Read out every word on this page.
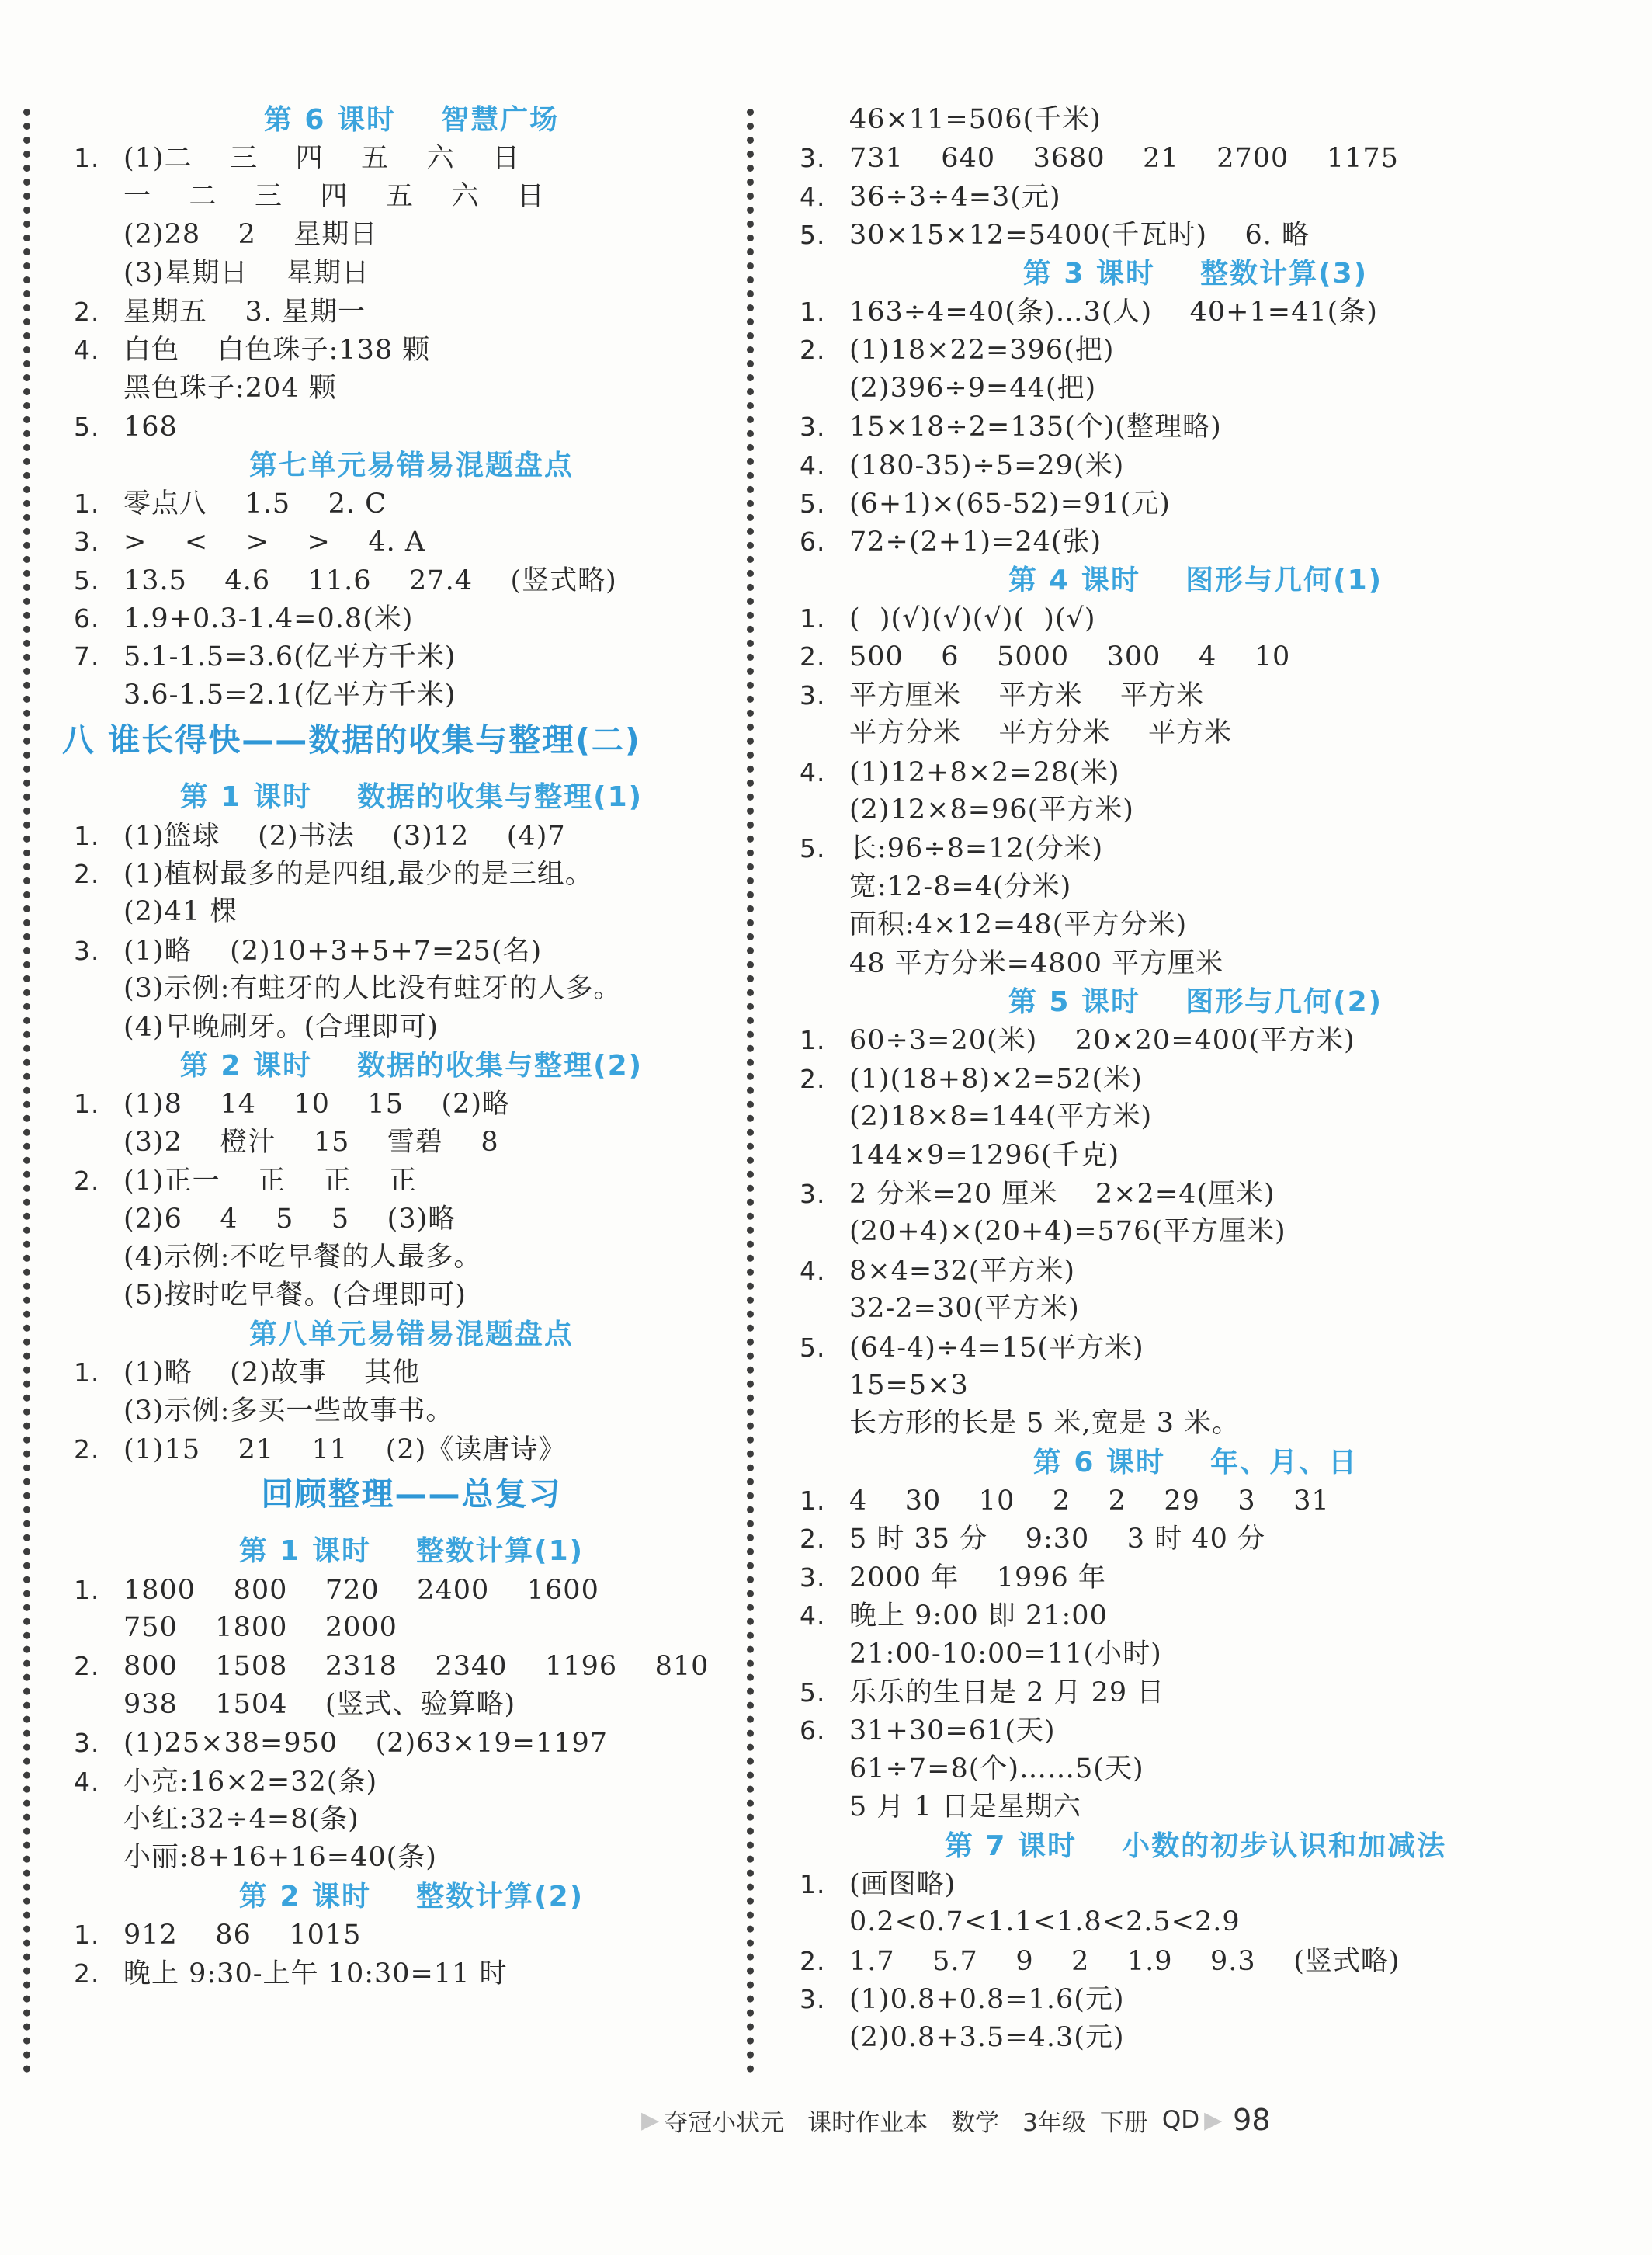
第 6 课时    智慧广场
1. (1)二    三    四    五    六    日
一    二    三    四    五    六    日
(2)28    2    星期日
(3)星期日    星期日
2. 星期五    3. 星期一
4. 白色    白色珠子:138 颗
黑色珠子:204 颗
5. 168
第七单元易错易混题盘点
1. 零点八    1.5    2. C
3. >    <    >    >    4. A
5. 13.5    4.6    11.6    27.4    (竖式略)
6. 1.9+0.3-1.4=0.8(米)
7. 5.1-1.5=3.6(亿平方千米)
3.6-1.5=2.1(亿平方千米)
八 谁长得快——数据的收集与整理(二)
第 1 课时    数据的收集与整理(1)
1. (1)篮球    (2)书法    (3)12    (4)7
2. (1)植树最多的是四组,最少的是三组。
(2)41 棵
3. (1)略    (2)10+3+5+7=25(名)
(3)示例:有蛀牙的人比没有蛀牙的人多。
(4)早晚刷牙。(合理即可)
第 2 课时    数据的收集与整理(2)
1. (1)8    14    10    15    (2)略
(3)2    橙汁    15    雪碧    8
2. (1)正一    正    正    正
(2)6    4    5    5    (3)略
(4)示例:不吃早餐的人最多。
(5)按时吃早餐。(合理即可)
第八单元易错易混题盘点
1. (1)略    (2)故事    其他
(3)示例:多买一些故事书。
2. (1)15    21    11    (2)《读唐诗》
回顾整理——总复习
第 1 课时    整数计算(1)
1. 1800    800    720    2400    1600
750    1800    2000
2. 800    1508    2318    2340    1196    810
938    1504    (竖式、验算略)
3. (1)25×38=950    (2)63×19=1197
4. 小亮:16×2=32(条)
小红:32÷4=8(条)
小丽:8+16+16=40(条)
第 2 课时    整数计算(2)
1. 912    86    1015
2. 晚上 9:30-上午 10:30=11 时
46×11=506(千米)
3. 731    640    3680    21    2700    1175
4. 36÷3÷4=3(元)
5. 30×15×12=5400(千瓦时)    6. 略
第 3 课时    整数计算(3)
1. 163÷4=40(条)…3(人)    40+1=41(条)
2. (1)18×22=396(把)
(2)396÷9=44(把)
3. 15×18÷2=135(个)(整理略)
4. (180-35)÷5=29(米)
5. (6+1)×(65-52)=91(元)
6. 72÷(2+1)=24(张)
第 4 课时    图形与几何(1)
1. (  )(√)(√)(√)(  )(√)
2. 500    6    5000    300    4    10
3. 平方厘米    平方米    平方米
平方分米    平方分米    平方米
4. (1)12+8×2=28(米)
(2)12×8=96(平方米)
5. 长:96÷8=12(分米)
宽:12-8=4(分米)
面积:4×12=48(平方分米)
48 平方分米=4800 平方厘米
第 5 课时    图形与几何(2)
1. 60÷3=20(米)    20×20=400(平方米)
2. (1)(18+8)×2=52(米)
(2)18×8=144(平方米)
144×9=1296(千克)
3. 2 分米=20 厘米    2×2=4(厘米)
(20+4)×(20+4)=576(平方厘米)
4. 8×4=32(平方米)
32-2=30(平方米)
5. (64-4)÷4=15(平方米)
15=5×3
长方形的长是 5 米,宽是 3 米。
第 6 课时    年、月、日
1. 4    30    10    2    2    29    3    31
2. 5 时 35 分    9:30    3 时 40 分
3. 2000 年    1996 年
4. 晚上 9:00 即 21:00
21:00-10:00=11(小时)
5. 乐乐的生日是 2 月 29 日
6. 31+30=61(天)
61÷7=8(个)……5(天)
5 月 1 日是星期六
第 7 课时    小数的初步认识和加减法
1. (画图略)
0.2<0.7<1.1<1.8<2.5<2.9
2. 1.7    5.7    9    2    1.9    9.3    (竖式略)
3. (1)0.8+0.8=1.6(元)
(2)0.8+3.5=4.3(元)
▶ 夺冠小状元 课时作业本 数学 3年级 下册 QD ▶ 98
